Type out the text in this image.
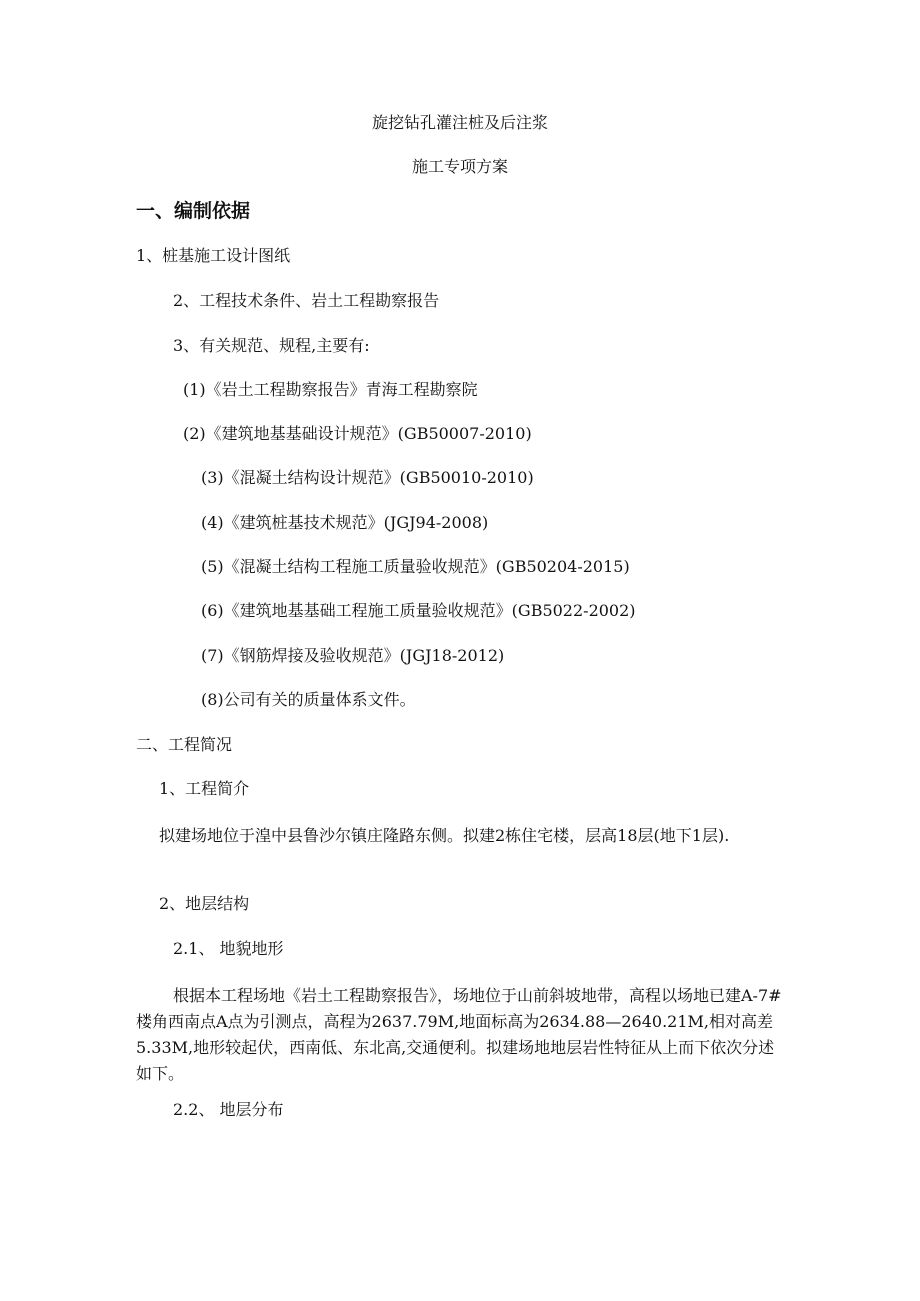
旋挖钻孔灌注桩及后注浆
施工专项方案
一、编制依据
1、桩基施工设计图纸
2、工程技术条件、岩土工程勘察报告
3、有关规范、规程,主要有:
(1)《岩土工程勘察报告》青海工程勘察院
(2)《建筑地基基础设计规范》(GB50007-2010)
(3)《混凝土结构设计规范》(GB50010-2010)
(4)《建筑桩基技术规范》(JGJ94-2008)
(5)《混凝土结构工程施工质量验收规范》(GB50204-2015)
(6)《建筑地基基础工程施工质量验收规范》(GB5022-2002)
(7)《钢筋焊接及验收规范》(JGJ18-2012)
(8)公司有关的质量体系文件。
二、工程简况
1、工程简介
拟建场地位于湟中县鲁沙尔镇庄隆路东侧。拟建2栋住宅楼，层高18层(地下1层).
2、地层结构
2.1、 地貌地形
根据本工程场地《岩土工程勘察报告》，场地位于山前斜坡地带，高程以场地已建A-7#楼角西南点A点为引测点，高程为2637.79M,地面标高为2634.88—2640.21M,相对高差5.33M,地形较起伏，西南低、东北高,交通便利。拟建场地地层岩性特征从上而下依次分述如下。
2.2、 地层分布
